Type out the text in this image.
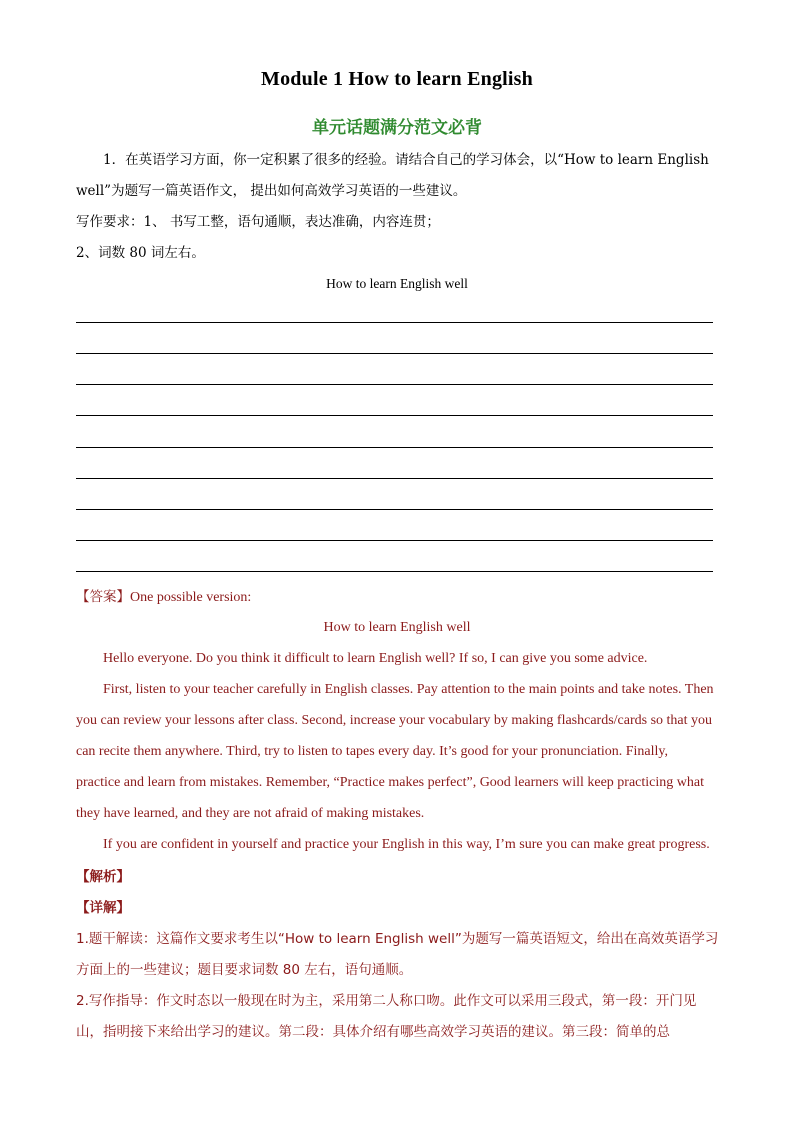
Module 1 How to learn English
单元话题满分范文必背
1．在英语学习方面，你一定积累了很多的经验。请结合自己的学习体会，以“How to learn English
well”为题写一篇英语作文， 提出如何高效学习英语的一些建议。
写作要求：1、 书写工整，语句通顺，表达准确，内容连贯；
2、词数 80 词左右。
How to learn English well
【答案】One possible version:
How to learn English well
Hello everyone. Do you think it difficult to learn English well? If so, I can give you some advice.
First, listen to your teacher carefully in English classes. Pay attention to the main points and take notes. Then
you can review your lessons after class. Second, increase your vocabulary by making flashcards/cards so that you
can recite them anywhere. Third, try to listen to tapes every day. It’s good for your pronunciation. Finally,
practice and learn from mistakes. Remember, “Practice makes perfect”, Good learners will keep practicing what
they have learned, and they are not afraid of making mistakes.
If you are confident in yourself and practice your English in this way, I’m sure you can make great progress.
【解析】
【详解】
1.题干解读：这篇作文要求考生以“How to learn English well”为题写一篇英语短文，给出在高效英语学习
方面上的一些建议；题目要求词数 80 左右，语句通顺。
2.写作指导：作文时态以一般现在时为主，采用第二人称口吻。此作文可以采用三段式，第一段：开门见
山，指明接下来给出学习的建议。第二段：具体介绍有哪些高效学习英语的建议。第三段：简单的总
